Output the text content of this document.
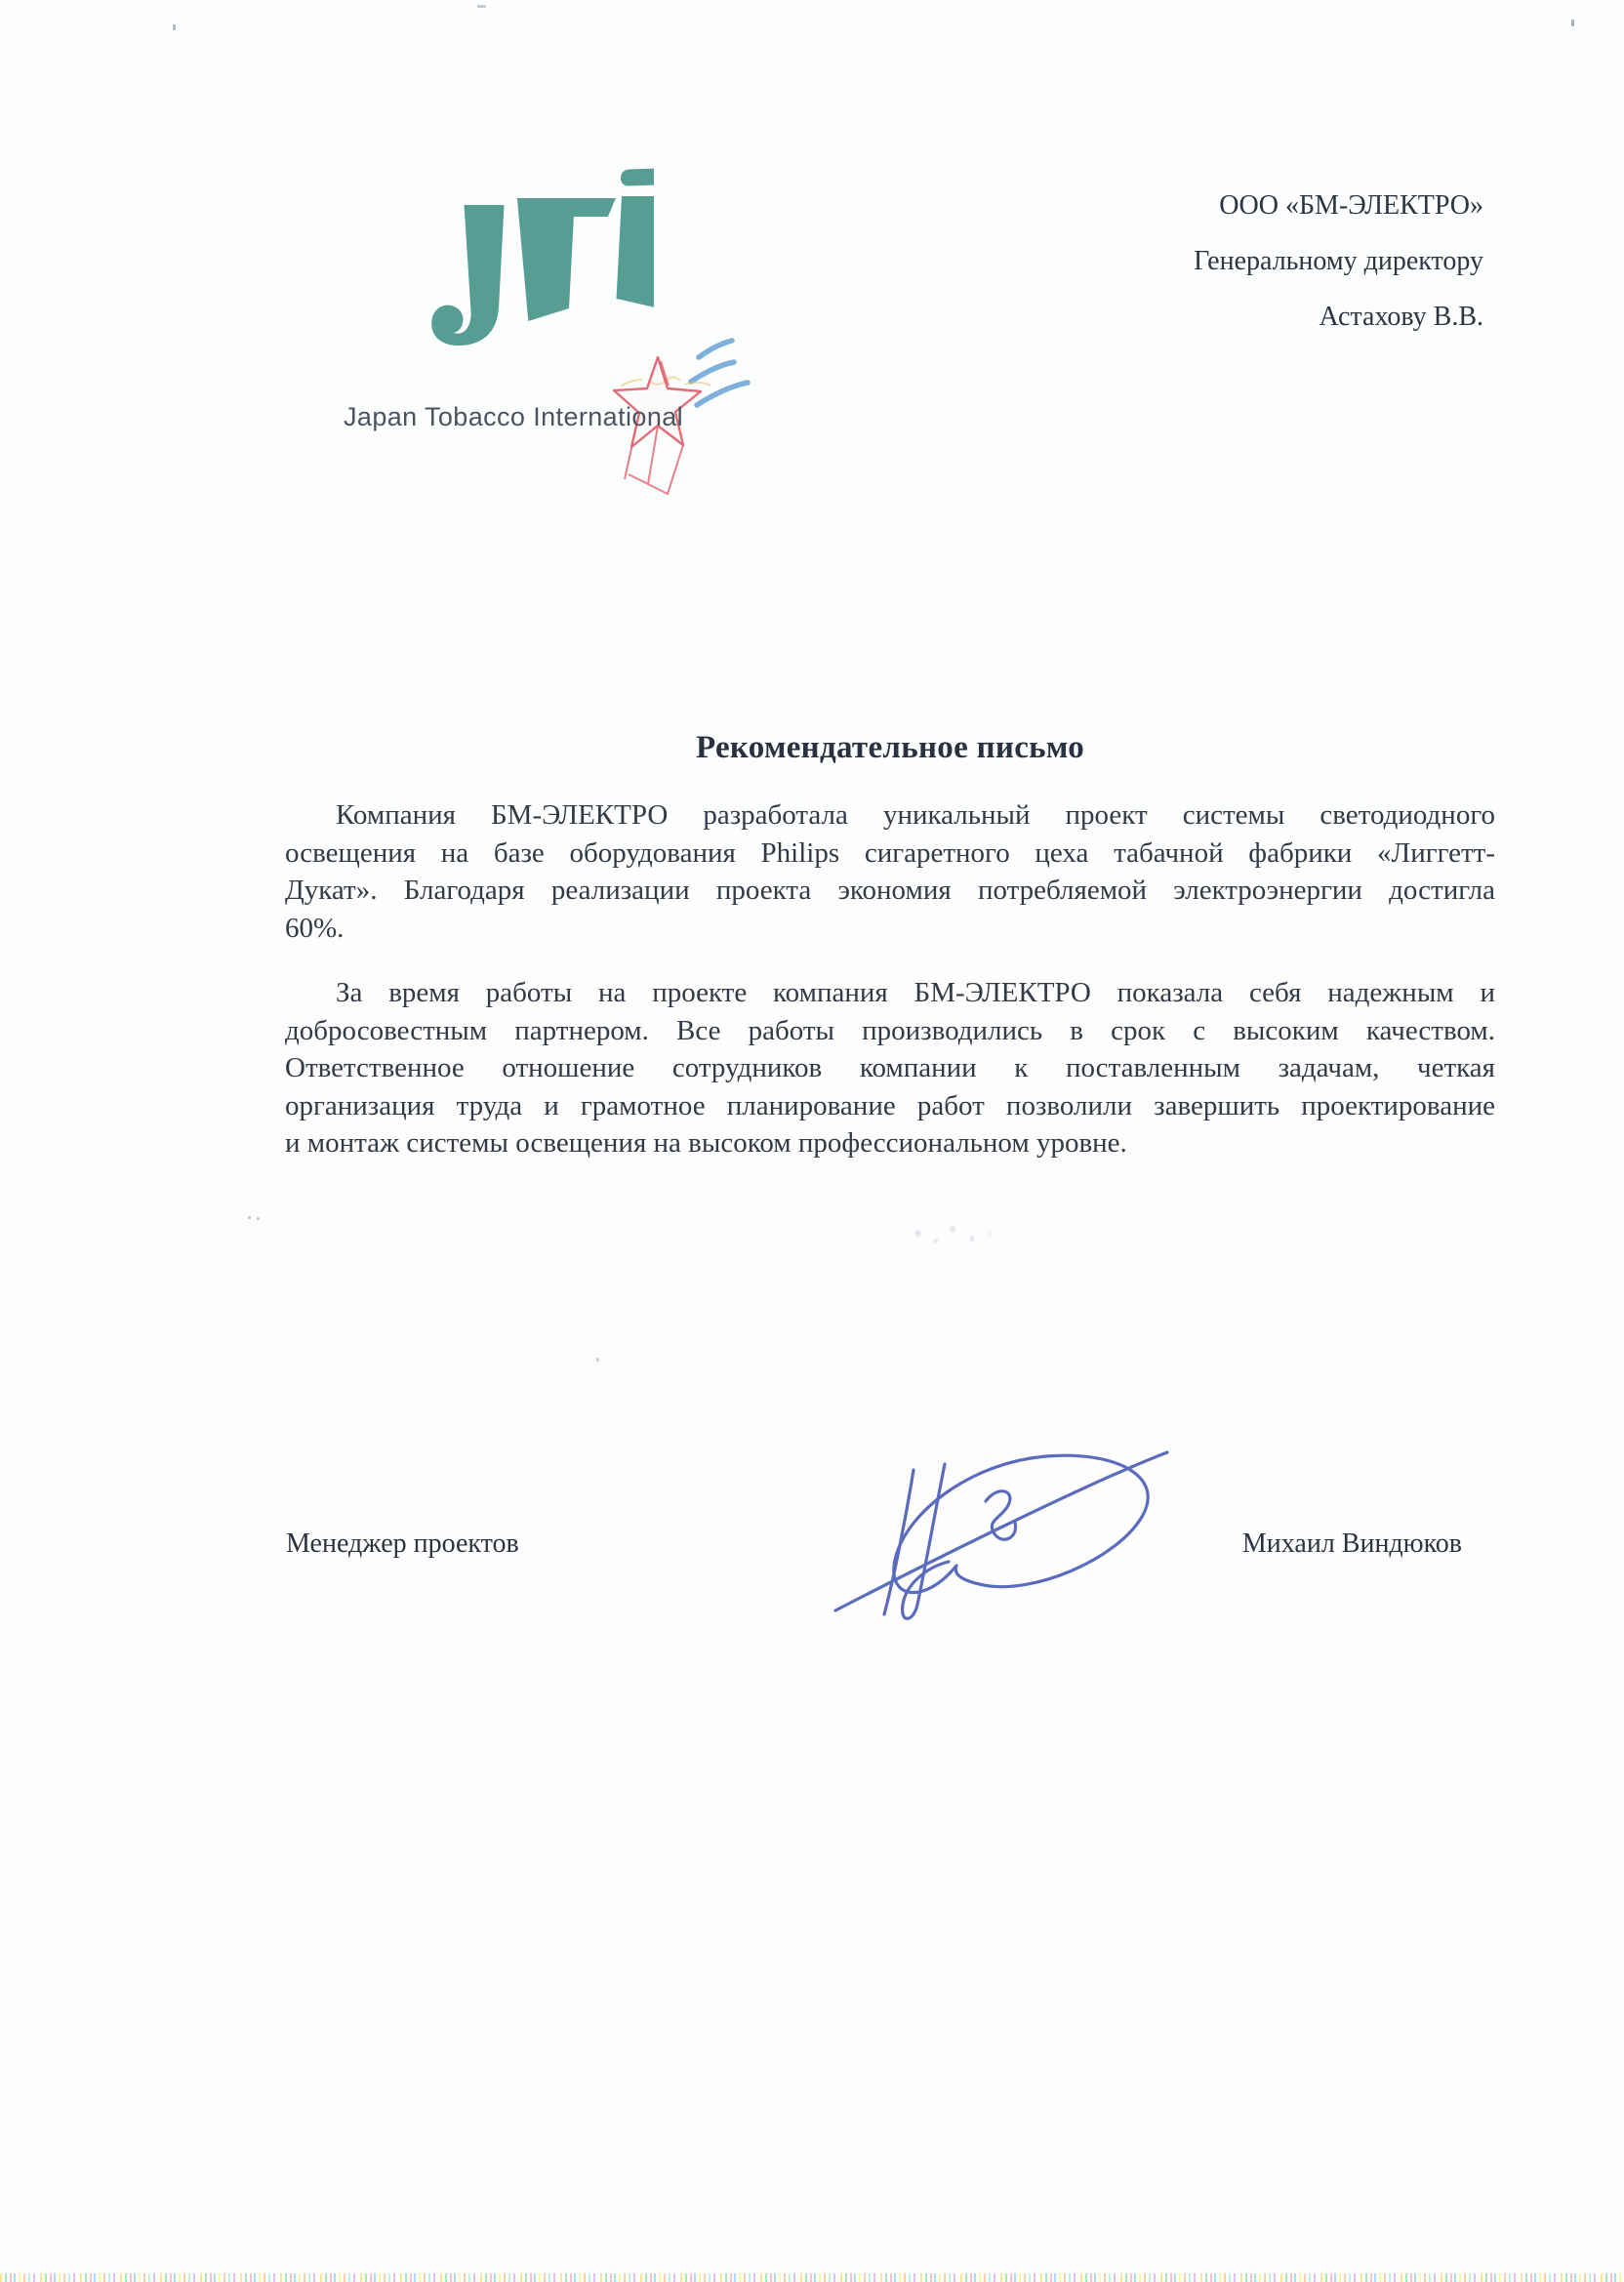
Japan Tobacco International
ООО «БМ-ЭЛЕКТРО»
Генеральному директору
Астахову В.В.
Рекомендательное письмо
Компания БМ-ЭЛЕКТРО разработала уникальный проект системы светодиодного
освещения на базе оборудования Philips сигаретного цеха табачной фабрики «Лиггетт-
Дукат». Благодаря реализации проекта экономия потребляемой электроэнергии достигла
60%.
За время работы на проекте компания БМ-ЭЛЕКТРО показала себя надежным и
добросовестным партнером. Все работы производились в срок с высоким качеством.
Ответственное отношение сотрудников компании к поставленным задачам, четкая
организация труда и грамотное планирование работ позволили завершить проектирование
и монтаж системы освещения на высоком профессиональном уровне.
Менеджер проектов	Михаил Виндюков
